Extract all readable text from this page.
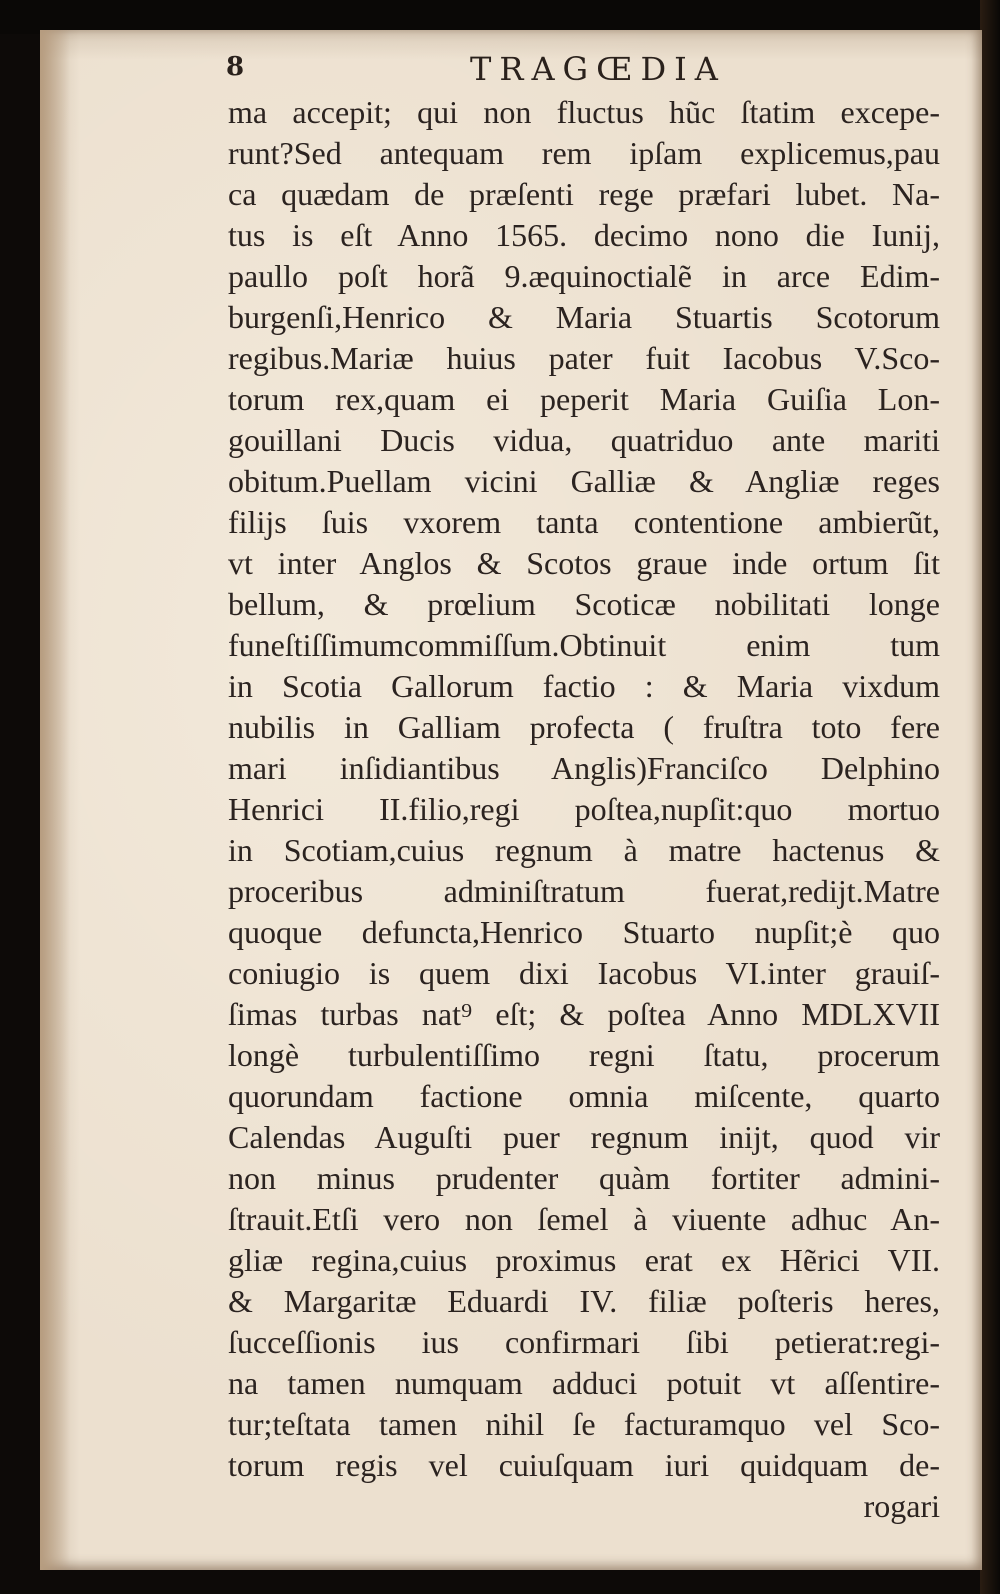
8	TRAGŒDIA
ma accepit; qui non fluctus hũc ſtatim excepe-
runt?Sed antequam rem ipſam explicemus,pau
ca quædam de præſenti rege præfari lubet. Na-
tus is eſt Anno 1565. decimo nono die Iunij,
paullo poſt horã 9.æquinoctialẽ in arce Edim-
burgenſi,Henrico & Maria Stuartis Scotorum
regibus.Mariæ huius pater fuit Iacobus V.Sco-
torum rex,quam ei peperit Maria Guiſia Lon-
gouillani Ducis vidua, quatriduo ante mariti
obitum.Puellam vicini Galliæ & Angliæ reges
filijs ſuis vxorem tanta contentione ambierũt,
vt inter Anglos & Scotos graue inde ortum ſit
bellum, & prœlium Scoticæ nobilitati longe
funeſtiſſimumcommiſſum.Obtinuit enim tum
in Scotia Gallorum factio : & Maria vixdum
nubilis in Galliam profecta ( fruſtra toto fere
mari inſidiantibus Anglis)Franciſco Delphino
Henrici II.filio,regi poſtea,nupſit:quo mortuo
in Scotiam,cuius regnum à matre hactenus &
proceribus adminiſtratum fuerat,redijt.Matre
quoque defuncta,Henrico Stuarto nupſit;è quo
coniugio is quem dixi Iacobus VI.inter grauiſ-
ſimas turbas nat⁹ eſt; & poſtea Anno MDLXVII
longè turbulentiſſimo regni ſtatu, procerum
quorundam factione omnia miſcente, quarto
Calendas Auguſti puer regnum inijt, quod vir
non minus prudenter quàm fortiter admini-
ſtrauit.Etſi vero non ſemel à viuente adhuc An-
gliæ regina,cuius proximus erat ex Hẽrici VII.
& Margaritæ Eduardi IV. filiæ poſteris heres,
ſucceſſionis ius confirmari ſibi petierat:regi-
na tamen numquam adduci potuit vt aſſentire-
tur;teſtata tamen nihil ſe facturamquo vel Sco-
torum regis vel cuiuſquam iuri quidquam de-
rogari
